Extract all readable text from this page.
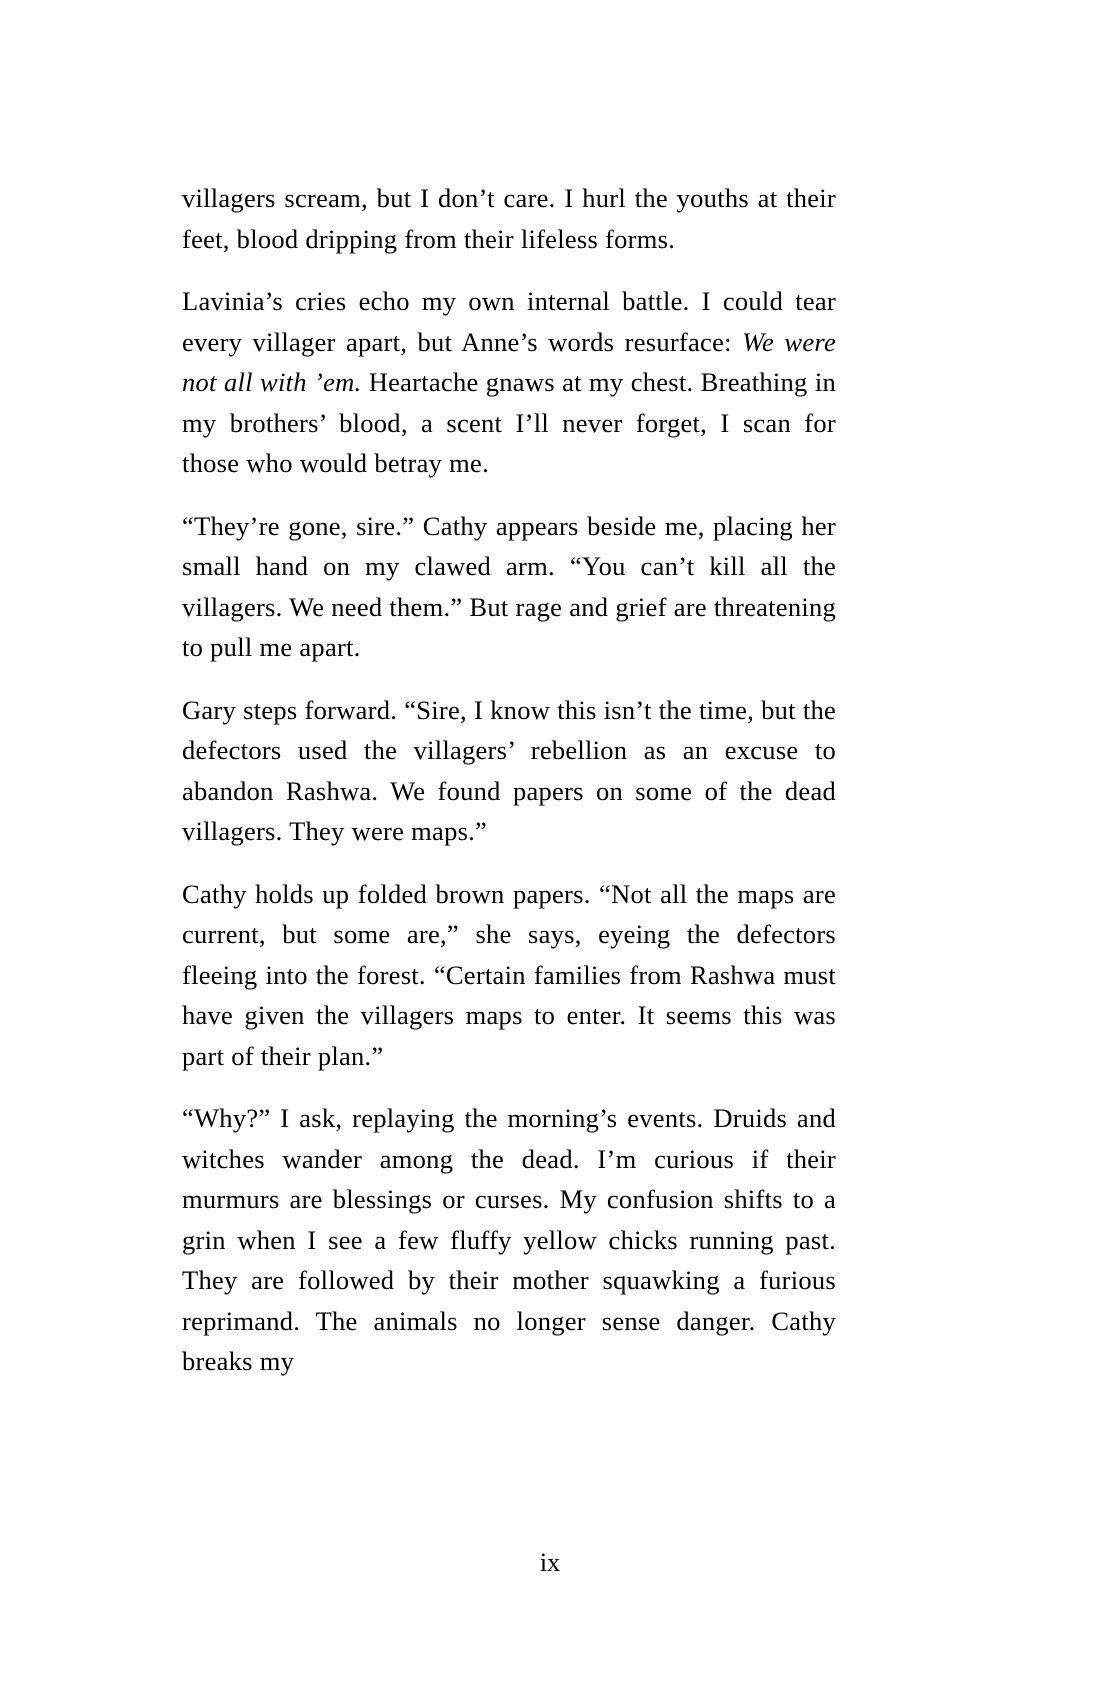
villagers scream, but I don’t care. I hurl the youths at their feet, blood dripping from their lifeless forms.

Lavinia’s cries echo my own internal battle. I could tear every villager apart, but Anne’s words resurface: We were not all with ’em. Heartache gnaws at my chest. Breathing in my brothers’ blood, a scent I’ll never forget, I scan for those who would betray me.

“They’re gone, sire.” Cathy appears beside me, placing her small hand on my clawed arm. “You can’t kill all the villagers. We need them.” But rage and grief are threatening to pull me apart.

Gary steps forward. “Sire, I know this isn’t the time, but the defectors used the villagers’ rebellion as an excuse to abandon Rashwa. We found papers on some of the dead villagers. They were maps.”

Cathy holds up folded brown papers. “Not all the maps are current, but some are,” she says, eyeing the defectors fleeing into the forest. “Certain families from Rashwa must have given the villagers maps to enter. It seems this was part of their plan.”

“Why?” I ask, replaying the morning’s events. Druids and witches wander among the dead. I’m curious if their murmurs are blessings or curses. My confusion shifts to a grin when I see a few fluffy yellow chicks running past. They are followed by their mother squawking a furious reprimand. The animals no longer sense danger. Cathy breaks my

ix
